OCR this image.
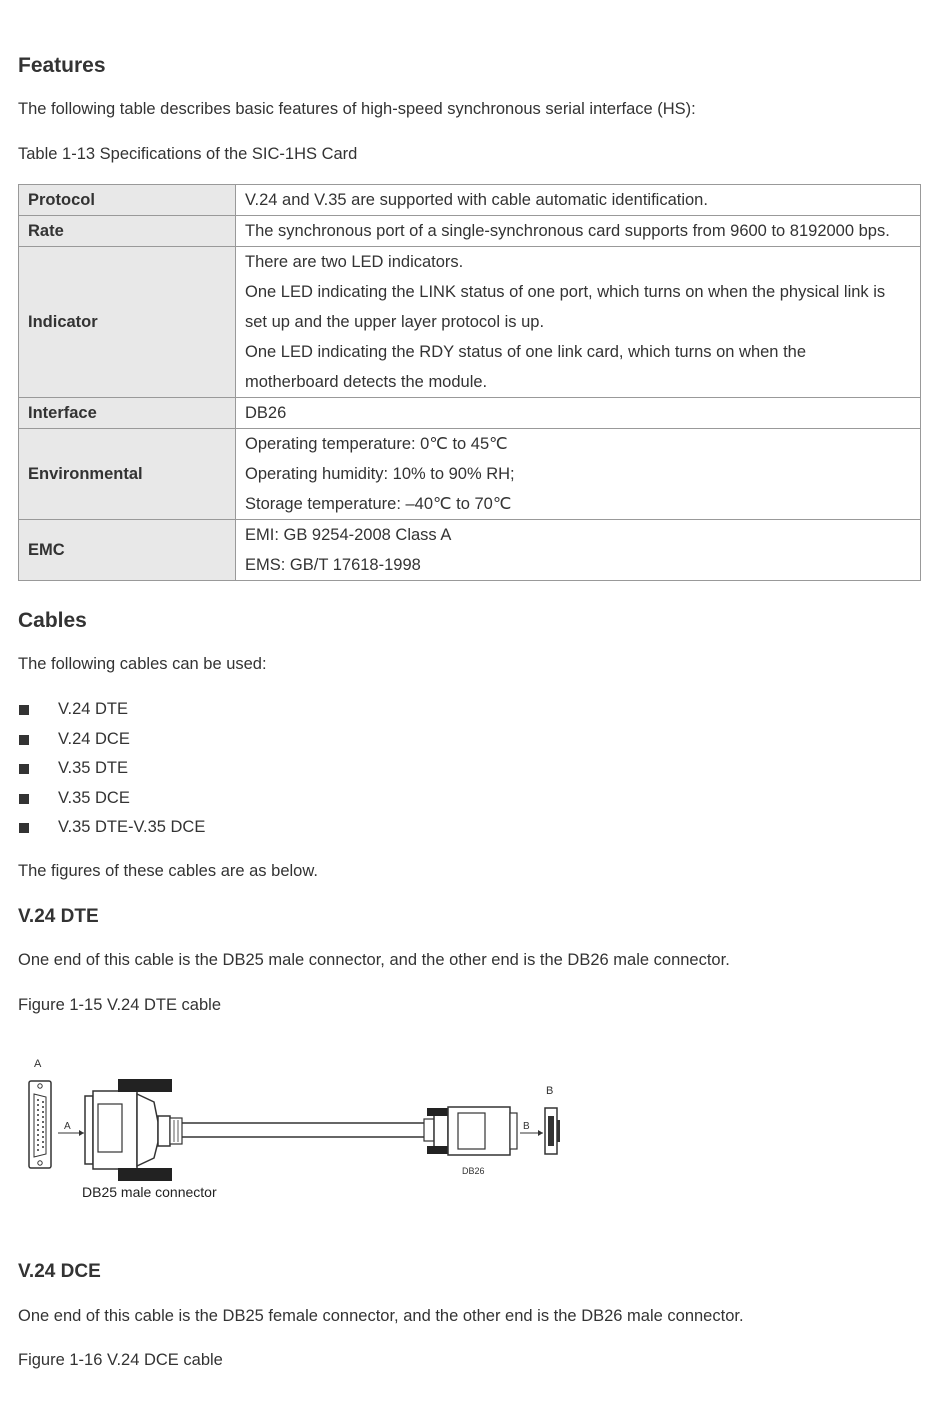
Features

The following table describes basic features of high-speed synchronous serial interface (HS):

Table 1-13 Specifications of the SIC-1HS Card

Protocol	V.24 and V.35 are supported with cable automatic identification.

Rate	The synchronous port of a single-synchronous card supports from 9600 to 8192000 bps.

Indicator	There are two LED indicators.
One LED indicating the LINK status of one port, which turns on when the physical link is
set up and the upper layer protocol is up.
One LED indicating the RDY status of one link card, which turns on when the
motherboard detects the module.

Interface	DB26

Environmental	Operating temperature: 0℃ to 45℃
Operating humidity: 10% to 90% RH;
Storage temperature: –40℃ to 70℃

EMC	EMI: GB 9254-2008 Class A
EMS: GB/T 17618-1998
Cables

The following cables can be used:

V.24 DTE
V.24 DCE
V.35 DTE
V.35 DCE
V.35 DTE-V.35 DCE

The figures of these cables are as below.

V.24 DTE

One end of this cable is the DB25 male connector, and the other end is the DB26 male connector.

Figure 1-15 V.24 DTE cable

A
A
DB26
B
B
DB25 male connector
V.24 DCE

One end of this cable is the DB25 female connector, and the other end is the DB26 male connector.

Figure 1-16 V.24 DCE cable
